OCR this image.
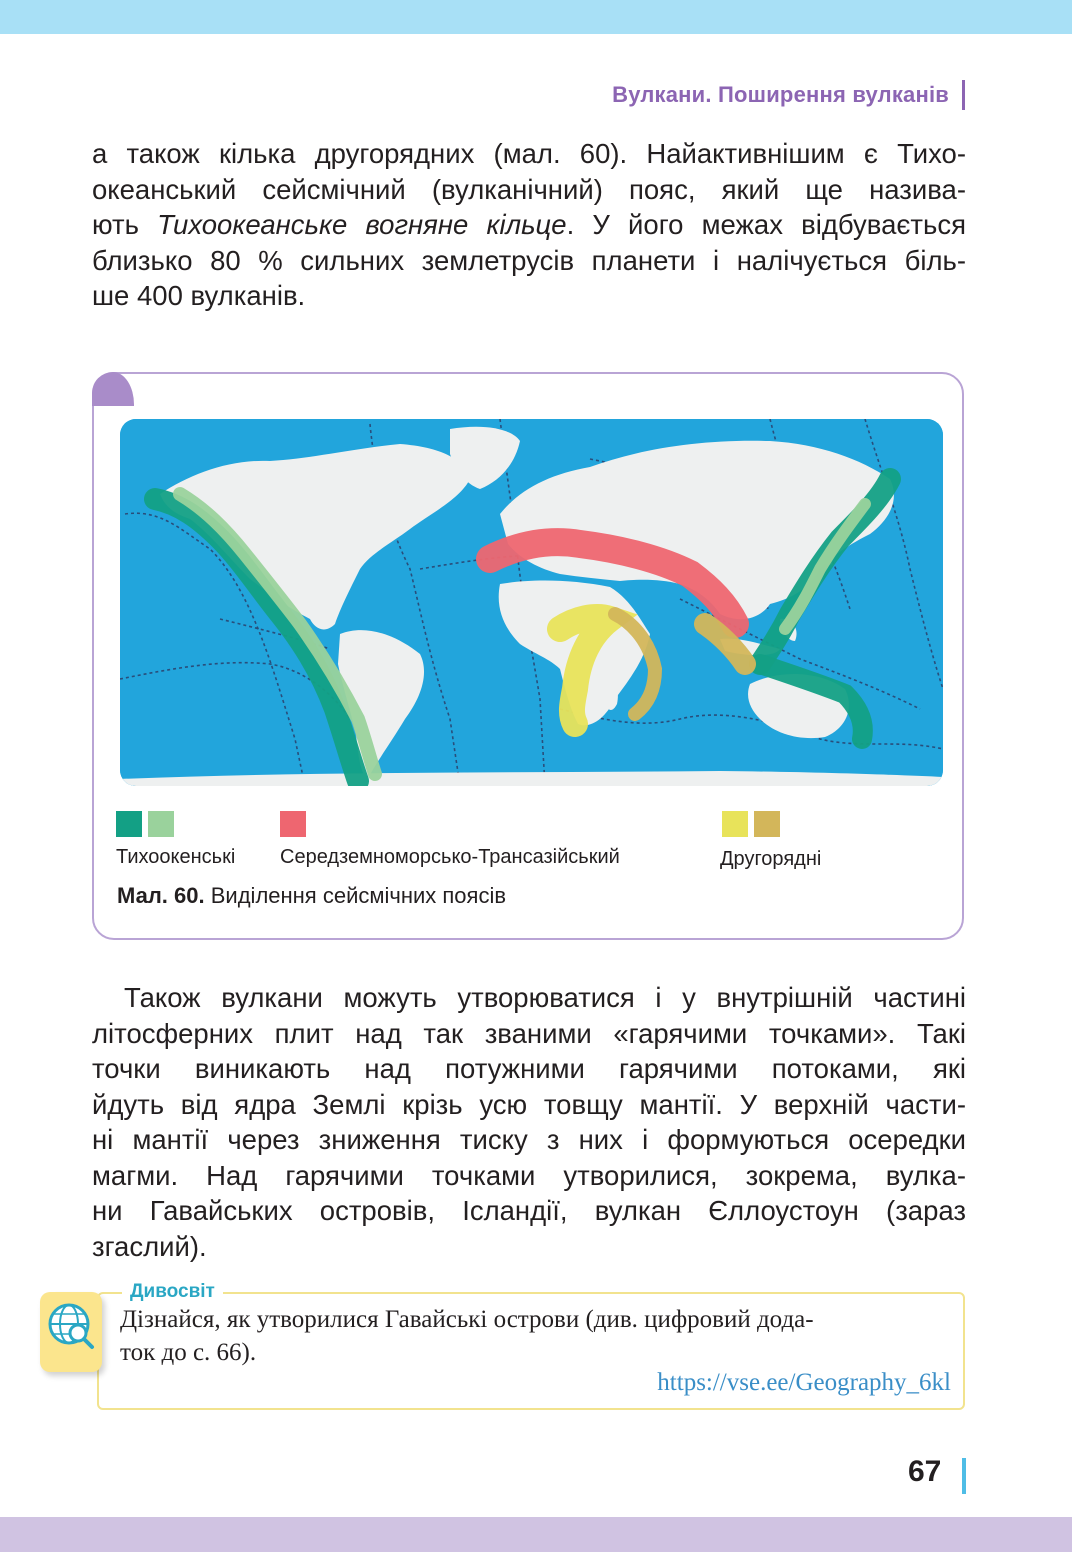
Вулкани. Поширення вулканів
а також кілька другорядних (мал. 60). Найактивнішим є Тихо-
океанський сейсмічний (вулканічний) пояс, який ще назива-
ють Тихоокеанське вогняне кільце. У його межах відбувається
близько 80 % сильних землетрусів планети і налічується біль-
ше 400 вулканів.
Тихоокенські Середземноморсько-Трансазійський	Другорядні
Мал. 60. Виділення сейсмічних поясів
Також вулкани можуть утворюватися і у внутрішній частині
літосферних плит над так званими «гарячими точками». Такі
точки виникають над потужними гарячими потоками, які
йдуть від ядра Землі крізь усю товщу мантії. У верхній части-
ні мантії через зниження тиску з них і формуються осередки
магми. Над гарячими точками утворилися, зокрема, вулка-
ни Гавайських островів, Ісландії, вулкан Єллоустоун (зараз
згаслий).
Дивосвіт
Дізнайся, як утворилися Гавайські острови (див. цифровий дода-
ток до с. 66).
https://vse.ee/Geography_6kl
67
